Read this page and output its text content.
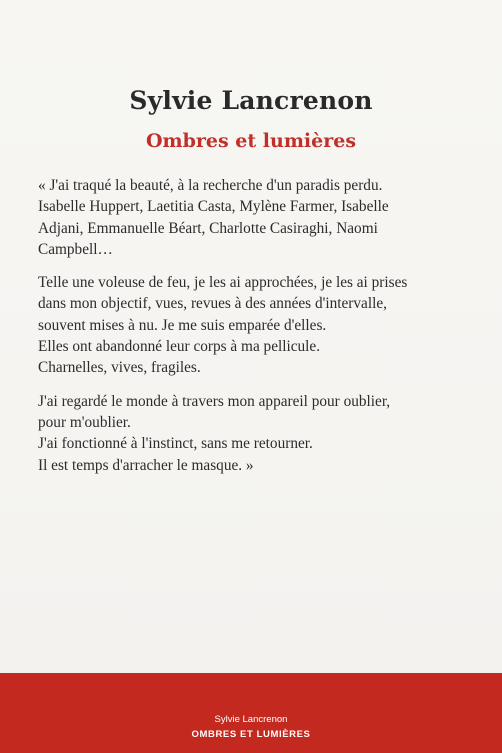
Sylvie Lancrenon
Ombres et lumières

« J'ai traqué la beauté, à la recherche d'un paradis perdu.
Isabelle Huppert, Laetitia Casta, Mylène Farmer, Isabelle
Adjani, Emmanuelle Béart, Charlotte Casiraghi, Naomi
Campbell…

Telle une voleuse de feu, je les ai approchées, je les ai prises
dans mon objectif, vues, revues à des années d'intervalle,
souvent mises à nu. Je me suis emparée d'elles.
Elles ont abandonné leur corps à ma pellicule.
Charnelles, vives, fragiles.

J'ai regardé le monde à travers mon appareil pour oublier,
pour m'oublier.
J'ai fonctionné à l'instinct, sans me retourner.
Il est temps d'arracher le masque. »

Sylvie Lancrenon
OMBRES ET LUMIÈRES
